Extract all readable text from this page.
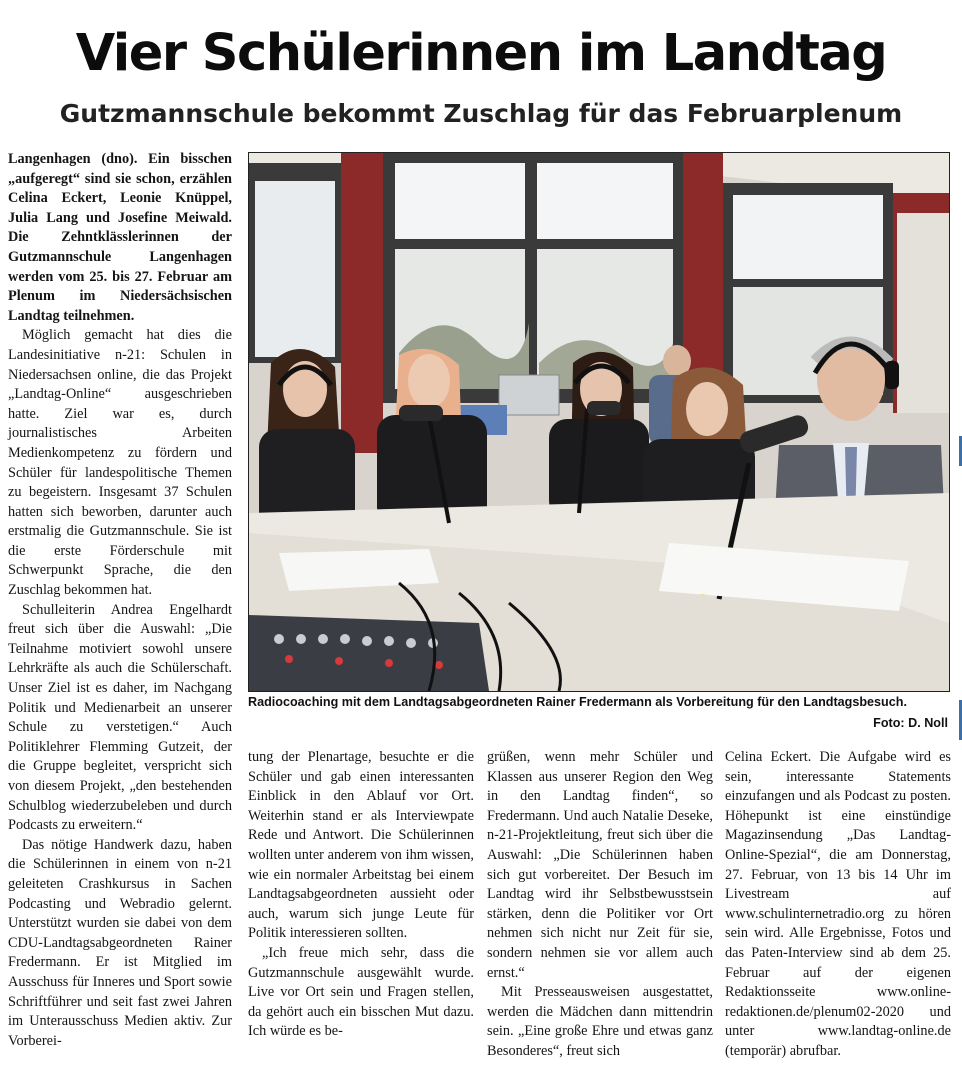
Vier Schülerinnen im Landtag
Gutzmannschule bekommt Zuschlag für das Februarplenum

Langenhagen (dno). Ein bisschen „aufgeregt“ sind sie schon, erzählen Celina Eckert, Leonie Knüppel, Julia Lang und Josefine Meiwald. Die Zehntklässlerinnen der Gutzmannschule Langenhagen werden vom 25. bis 27. Februar am Plenum im Niedersächsischen Landtag teilnehmen.

Möglich gemacht hat dies die Landesinitiative n-21: Schulen in Niedersachsen online, die das Projekt „Landtag-Online“ ausgeschrieben hatte. Ziel war es, durch journalistisches Arbeiten Medienkompetenz zu fördern und Schüler für landespolitische Themen zu begeistern. Insgesamt 37 Schulen hatten sich beworben, darunter auch erstmalig die Gutzmannschule. Sie ist die erste Förderschule mit Schwerpunkt Sprache, die den Zuschlag bekommen hat.

Schulleiterin Andrea Engelhardt freut sich über die Auswahl: „Die Teilnahme motiviert sowohl unsere Lehrkräfte als auch die Schülerschaft. Unser Ziel ist es daher, im Nachgang Politik und Medienarbeit an unserer Schule zu verstetigen.“ Auch Politiklehrer Flemming Gutzeit, der die Gruppe begleitet, verspricht sich von diesem Projekt, „den bestehenden Schulblog wiederzubeleben und durch Podcasts zu erweitern.“

Das nötige Handwerk dazu, haben die Schülerinnen in einem von n-21 geleiteten Crashkursus in Sachen Podcasting und Webradio gelernt. Unterstützt wurden sie dabei von dem CDU-Landtagsabgeordneten Rainer Fredermann. Er ist Mitglied im Ausschuss für Inneres und Sport sowie Schriftführer und seit fast zwei Jahren im Unterausschuss Medien aktiv. Zur Vorberei-

Radiocoaching mit dem Landtagsabgeordneten Rainer Fredermann als Vorbereitung für den Landtagsbesuch.

Foto: D. Noll

tung der Plenartage, besuchte er die Schüler und gab einen interessanten Einblick in den Ablauf vor Ort. Weiterhin stand er als Interviewpate Rede und Antwort. Die Schülerinnen wollten unter anderem von ihm wissen, wie ein normaler Arbeitstag bei einem Landtagsabgeordneten aussieht oder auch, warum sich junge Leute für Politik interessieren sollten.

„Ich freue mich sehr, dass die Gutzmannschule ausgewählt wurde. Live vor Ort sein und Fragen stellen, da gehört auch ein bisschen Mut dazu. Ich würde es be-

grüßen, wenn mehr Schüler und Klassen aus unserer Region den Weg in den Landtag finden“, so Fredermann. Und auch Natalie Deseke, n-21-Projektleitung, freut sich über die Auswahl: „Die Schülerinnen haben sich gut vorbereitet. Der Besuch im Landtag wird ihr Selbstbewusstsein stärken, denn die Politiker vor Ort nehmen sich nicht nur Zeit für sie, sondern nehmen sie vor allem auch ernst.“

Mit Presseausweisen ausgestattet, werden die Mädchen dann mittendrin sein. „Eine große Ehre und etwas ganz Besonderes“, freut sich

Celina Eckert. Die Aufgabe wird es sein, interessante Statements einzufangen und als Podcast zu posten. Höhepunkt ist eine einstündige Magazinsendung „Das Landtag-Online-Spezial“, die am Donnerstag, 27. Februar, von 13 bis 14 Uhr im Livestream auf www.schulinternetradio.org zu hören sein wird. Alle Ergebnisse, Fotos und das Paten-Interview sind ab dem 25. Februar auf der eigenen Redaktionsseite www.online-redaktionen.de/plenum02-2020 und unter www.landtag-online.de (temporär) abrufbar.
